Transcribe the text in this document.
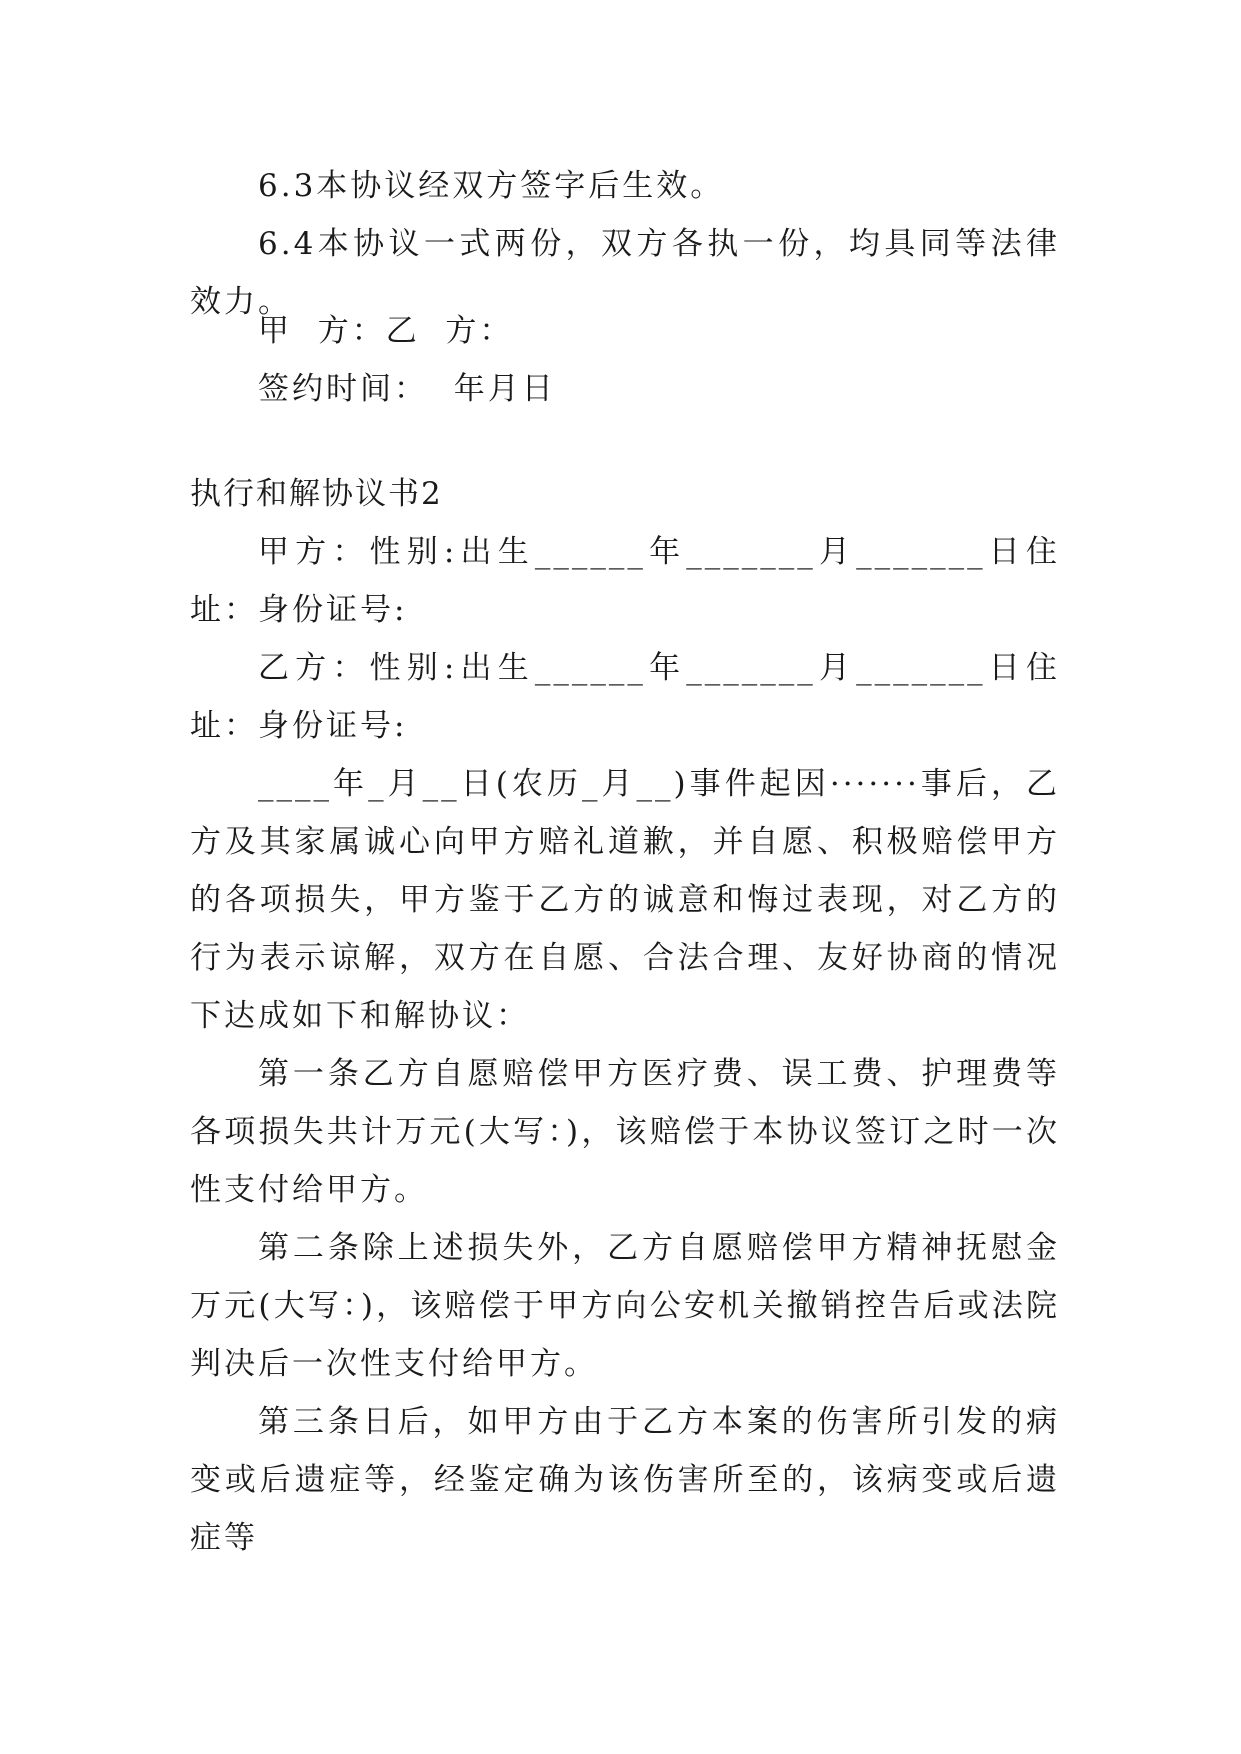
6.3本协议经双方签字后生效。

6.4本协议一式两份，双方各执一份，均具同等法律效力。

甲  方：乙  方：

签约时间：  年月日

执行和解协议书2

甲方：性别:出生______年_______月_______日住址：身份证号:

乙方：性别:出生______年_______月_______日住址：身份证号:

____年_月__日(农历_月__)事件起因·······事后，乙方及其家属诚心向甲方赔礼道歉，并自愿、积极赔偿甲方的各项损失，甲方鉴于乙方的诚意和悔过表现，对乙方的行为表示谅解，双方在自愿、合法合理、友好协商的情况下达成如下和解协议：

第一条乙方自愿赔偿甲方医疗费、误工费、护理费等各项损失共计万元(大写：)，该赔偿于本协议签订之时一次性支付给甲方。

第二条除上述损失外，乙方自愿赔偿甲方精神抚慰金万元(大写：)，该赔偿于甲方向公安机关撤销控告后或法院判决后一次性支付给甲方。

第三条日后，如甲方由于乙方本案的伤害所引发的病变或后遗症等，经鉴定确为该伤害所至的，该病变或后遗症等
